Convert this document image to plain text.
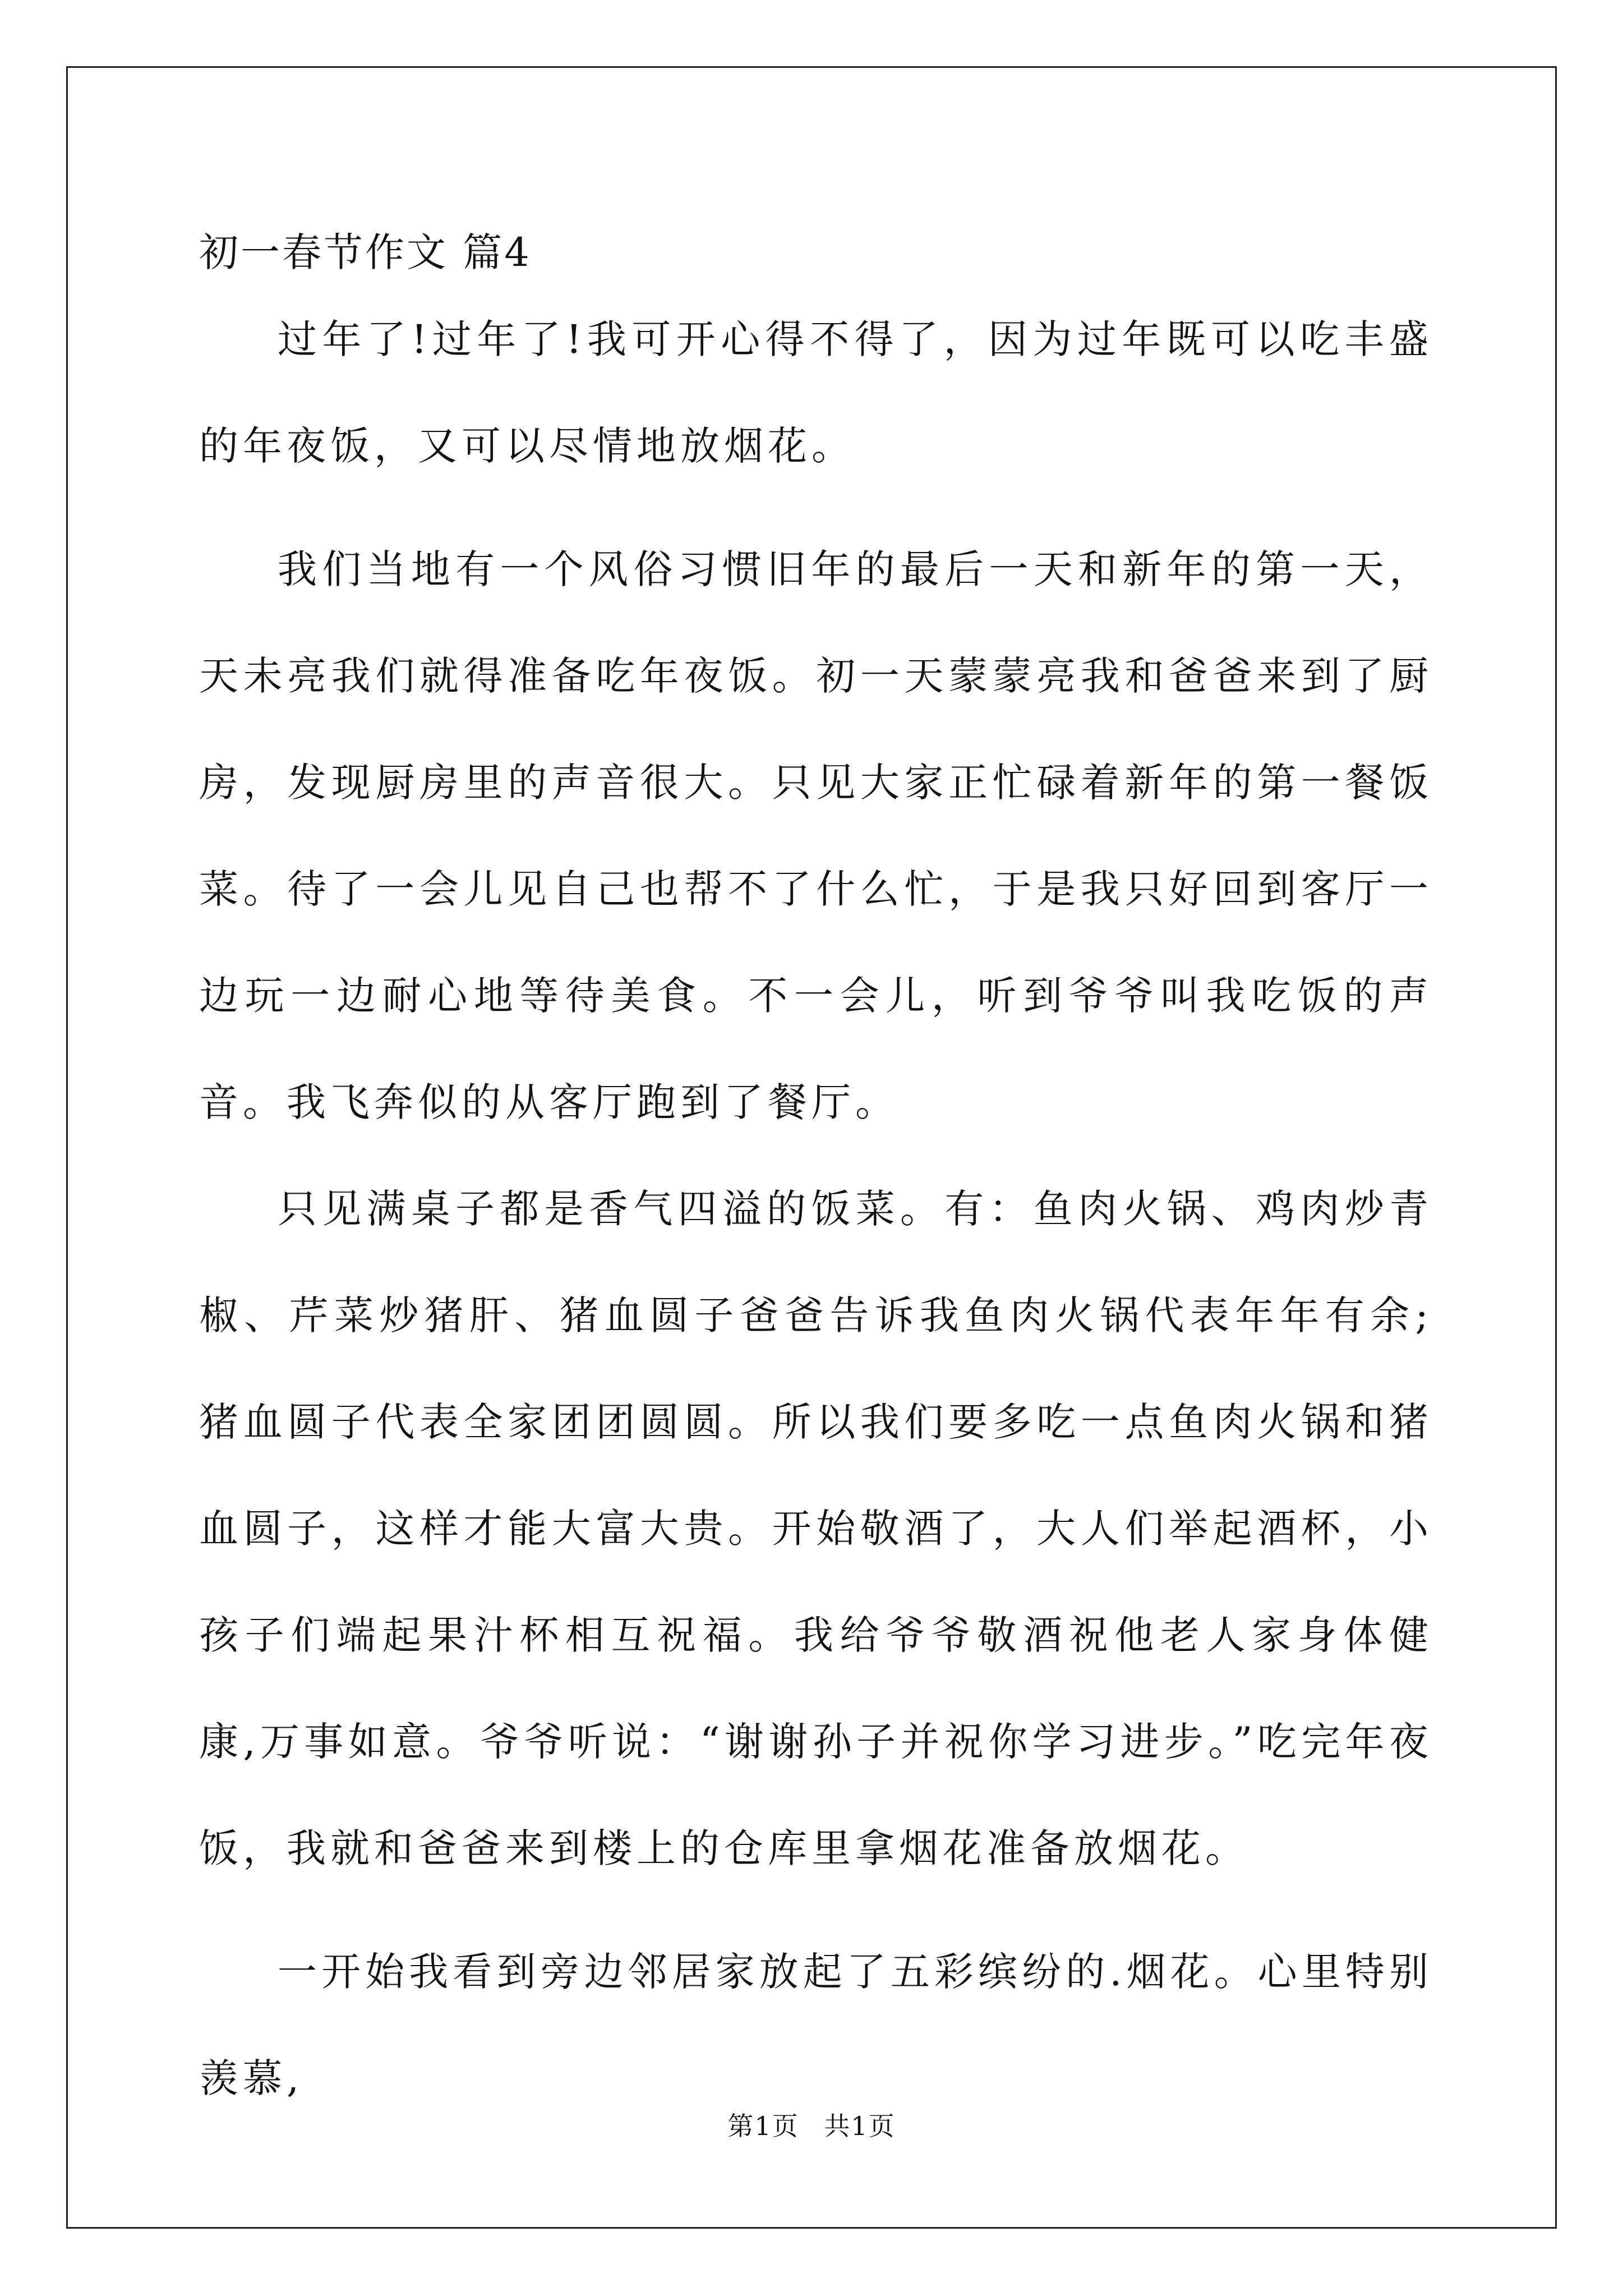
初一春节作文 篇4

过年了!过年了!我可开心得不得了，因为过年既可以吃丰盛的年夜饭，又可以尽情地放烟花。

我们当地有一个风俗习惯旧年的最后一天和新年的第一天，天未亮我们就得准备吃年夜饭。初一天蒙蒙亮我和爸爸来到了厨房，发现厨房里的声音很大。只见大家正忙碌着新年的第一餐饭菜。待了一会儿见自己也帮不了什么忙，于是我只好回到客厅一边玩一边耐心地等待美食。不一会儿，听到爷爷叫我吃饭的声音。我飞奔似的从客厅跑到了餐厅。

只见满桌子都是香气四溢的饭菜。有：鱼肉火锅、鸡肉炒青椒、芹菜炒猪肝、猪血圆子爸爸告诉我鱼肉火锅代表年年有余;猪血圆子代表全家团团圆圆。所以我们要多吃一点鱼肉火锅和猪血圆子，这样才能大富大贵。开始敬酒了，大人们举起酒杯，小孩子们端起果汁杯相互祝福。我给爷爷敬酒祝他老人家身体健康,万事如意。爷爷听说：“谢谢孙子并祝你学习进步。”吃完年夜饭，我就和爸爸来到楼上的仓库里拿烟花准备放烟花。

一开始我看到旁边邻居家放起了五彩缤纷的.烟花。心里特别羡慕,

第1页 共1页
